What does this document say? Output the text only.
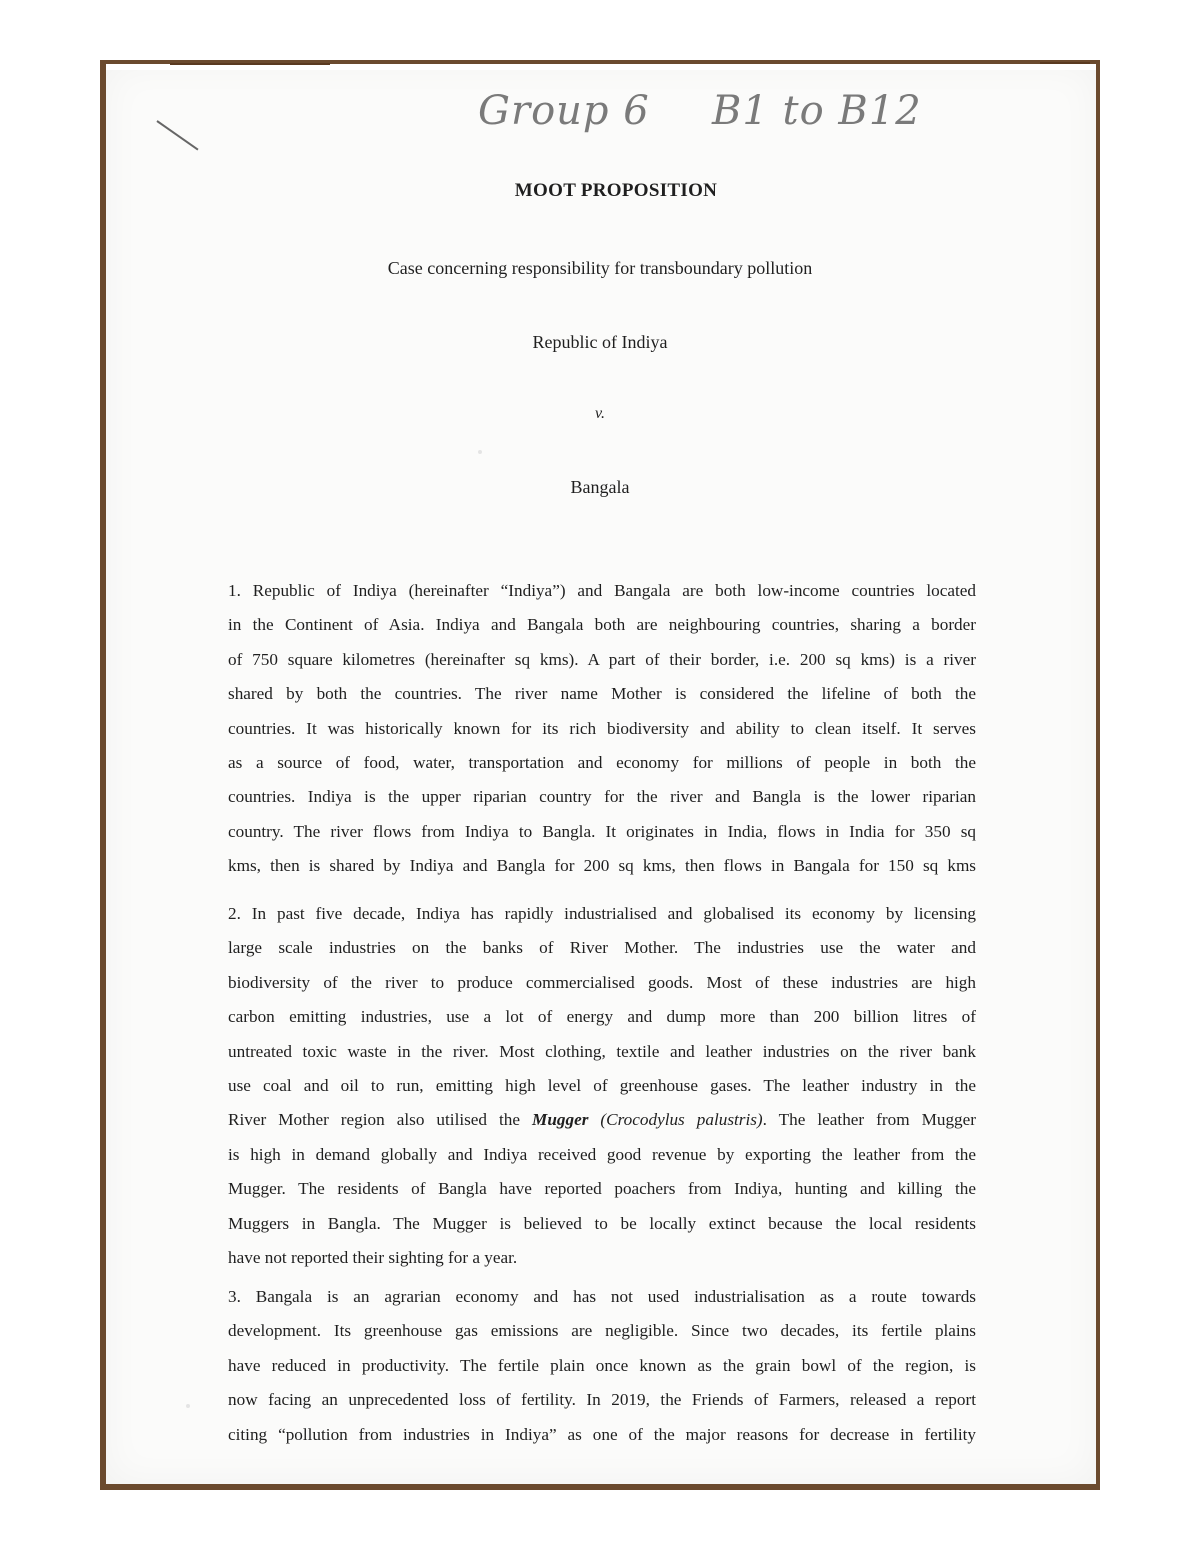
Group 6 B1 to B12
MOOT PROPOSITION
Case concerning responsibility for transboundary pollution
Republic of Indiya
v.
Bangala
1. Republic of Indiya (hereinafter “Indiya”) and Bangala are both low-income countries located
in the Continent of Asia. Indiya and Bangala both are neighbouring countries, sharing a border
of 750 square kilometres (hereinafter sq kms). A part of their border, i.e. 200 sq kms) is a river
shared by both the countries. The river name Mother is considered the lifeline of both the
countries. It was historically known for its rich biodiversity and ability to clean itself. It serves
as a source of food, water, transportation and economy for millions of people in both the
countries. Indiya is the upper riparian country for the river and Bangla is the lower riparian
country. The river flows from Indiya to Bangla. It originates in India, flows in India for 350 sq
kms, then is shared by Indiya and Bangla for 200 sq kms, then flows in Bangala for 150 sq kms
2. In past five decade, Indiya has rapidly industrialised and globalised its economy by licensing
large scale industries on the banks of River Mother. The industries use the water and
biodiversity of the river to produce commercialised goods. Most of these industries are high
carbon emitting industries, use a lot of energy and dump more than 200 billion litres of
untreated toxic waste in the river. Most clothing, textile and leather industries on the river bank
use coal and oil to run, emitting high level of greenhouse gases. The leather industry in the
River Mother region also utilised the Mugger (Crocodylus palustris). The leather from Mugger
is high in demand globally and Indiya received good revenue by exporting the leather from the
Mugger. The residents of Bangla have reported poachers from Indiya, hunting and killing the
Muggers in Bangla. The Mugger is believed to be locally extinct because the local residents
have not reported their sighting for a year.
3. Bangala is an agrarian economy and has not used industrialisation as a route towards
development. Its greenhouse gas emissions are negligible. Since two decades, its fertile plains
have reduced in productivity. The fertile plain once known as the grain bowl of the region, is
now facing an unprecedented loss of fertility. In 2019, the Friends of Farmers, released a report
citing “pollution from industries in Indiya” as one of the major reasons for decrease in fertility
